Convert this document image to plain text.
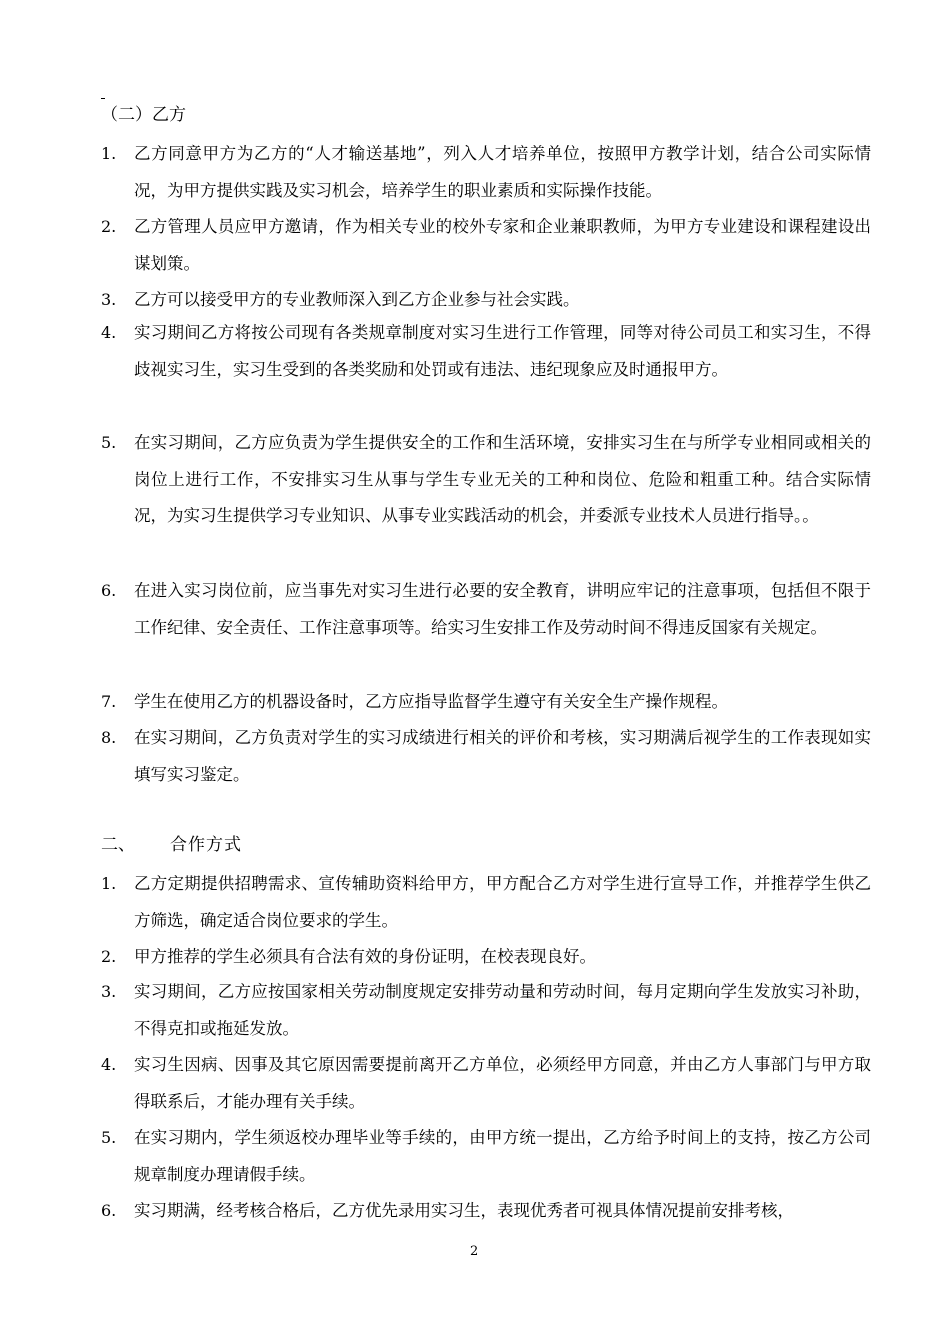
（二）乙方
1.	乙方同意甲方为乙方的“人才输送基地”，列入人才培养单位，按照甲方教学计划，结合公司实际情况，为甲方提供实践及实习机会，培养学生的职业素质和实际操作技能。
2.	乙方管理人员应甲方邀请，作为相关专业的校外专家和企业兼职教师，为甲方专业建设和课程建设出谋划策。
3.	乙方可以接受甲方的专业教师深入到乙方企业参与社会实践。
4.	实习期间乙方将按公司现有各类规章制度对实习生进行工作管理，同等对待公司员工和实习生，不得歧视实习生，实习生受到的各类奖励和处罚或有违法、违纪现象应及时通报甲方。
5.	在实习期间，乙方应负责为学生提供安全的工作和生活环境，安排实习生在与所学专业相同或相关的岗位上进行工作，不安排实习生从事与学生专业无关的工种和岗位、危险和粗重工种。结合实际情况，为实习生提供学习专业知识、从事专业实践活动的机会，并委派专业技术人员进行指导。。
6.	在进入实习岗位前，应当事先对实习生进行必要的安全教育，讲明应牢记的注意事项，包括但不限于工作纪律、安全责任、工作注意事项等。给实习生安排工作及劳动时间不得违反国家有关规定。
7.	学生在使用乙方的机器设备时，乙方应指导监督学生遵守有关安全生产操作规程。
8.	在实习期间，乙方负责对学生的实习成绩进行相关的评价和考核，实习期满后视学生的工作表现如实填写实习鉴定。
二、 合作方式
1.	乙方定期提供招聘需求、宣传辅助资料给甲方，甲方配合乙方对学生进行宣导工作，并推荐学生供乙方筛选，确定适合岗位要求的学生。
2.	甲方推荐的学生必须具有合法有效的身份证明，在校表现良好。
3.	实习期间，乙方应按国家相关劳动制度规定安排劳动量和劳动时间，每月定期向学生发放实习补助，不得克扣或拖延发放。
4.	实习生因病、因事及其它原因需要提前离开乙方单位，必须经甲方同意，并由乙方人事部门与甲方取得联系后，才能办理有关手续。
5.	在实习期内，学生须返校办理毕业等手续的，由甲方统一提出，乙方给予时间上的支持，按乙方公司规章制度办理请假手续。
6.	实习期满，经考核合格后，乙方优先录用实习生，表现优秀者可视具体情况提前安排考核，
2
